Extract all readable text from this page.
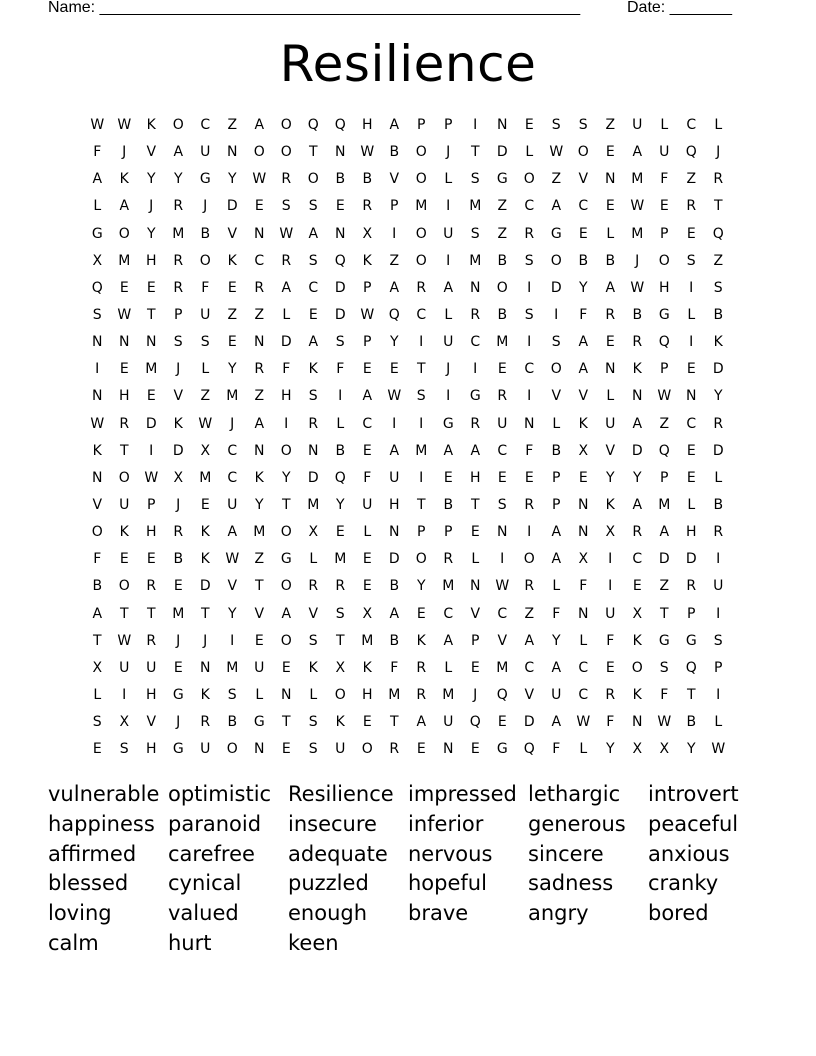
Name: ______________________________________________________	Date: _______
Resilience
W W	K	O	C	Z	A	O	Q	Q	H	A	P	P	I	N	E	S	S	Z	U	L	C	L
F	J	V	A	U	N	O	O	T	N	W	B	O	J	T	D	L	W	O	E	A	U	Q	J
A	K	Y	Y	G	Y	W	R	O	B	B	V	O	L	S	G	O	Z	V	N	M	F	Z	R
L	A	J	R	J	D	E	S	S	E	R	P	M	I	M	Z	C	A	C	E	W	E	R	T
G	O	Y	M	B	V	N	W	A	N	X	I	O	U	S	Z	R	G	E	L	M	P	E	Q
X	M	H	R	O	K	C	R	S	Q	K	Z	O	I	M	B	S	O	B	B	J	O	S	Z
Q	E	E	R	F	E	R	A	C	D	P	A	R	A	N	O	I	D	Y	A	W	H	I	S
S	W	T	P	U	Z	Z	L	E	D	W	Q	C	L	R	B	S	I	F	R	B	G	L	B
N	N	N	S	S	E	N	D	A	S	P	Y	I	U	C	M	I	S	A	E	R	Q	I	K
I	E	M	J	L	Y	R	F	K	F	E	E	T	J	I	E	C	O	A	N	K	P	E	D
N	H	E	V	Z	M	Z	H	S	I	A	W	S	I	G	R	I	V	V	L	N	W	N	Y
W	R	D	K	W	J	A	I	R	L	C	I	I	G	R	U	N	L	K	U	A	Z	C	R
K	T	I	D	X	C	N	O	N	B	E	A	M	A	A	C	F	B	X	V	D	Q	E	D
N	O	W	X	M	C	K	Y	D	Q	F	U	I	E	H	E	E	P	E	Y	Y	P	E	L
V	U	P	J	E	U	Y	T	M	Y	U	H	T	B	T	S	R	P	N	K	A	M	L	B
O	K	H	R	K	A	M	O	X	E	L	N	P	P	E	N	I	A	N	X	R	A	H	R
F	E	E	B	K	W	Z	G	L	M	E	D	O	R	L	I	O	A	X	I	C	D	D	I
B	O	R	E	D	V	T	O	R	R	E	B	Y	M	N	W	R	L	F	I	E	Z	R	U
A	T	T	M	T	Y	V	A	V	S	X	A	E	C	V	C	Z	F	N	U	X	T	P	I
T	W	R	J	J	I	E	O	S	T	M	B	K	A	P	V	A	Y	L	F	K	G	G	S
X	U	U	E	N	M	U	E	K	X	K	F	R	L	E	M	C	A	C	E	O	S	Q	P
L	I	H	G	K	S	L	N	L	O	H	M	R	M	J	Q	V	U	C	R	K	F	T	I
S	X	V	J	R	B	G	T	S	K	E	T	A	U	Q	E	D	A	W	F	N	W	B	L
E	S	H	G	U	O	N	E	S	U	O	R	E	N	E	G	Q	F	L	Y	X	X	Y	W
vulnerable optimistic Resilience impressed lethargic	introvert
happiness paranoid	insecure	inferior	generous	peaceful
affirmed	carefree	adequate nervous	sincere	anxious
blessed	cynical	puzzled	hopeful	sadness	cranky
loving	valued	enough	brave	angry	bored
calm	hurt	keen
